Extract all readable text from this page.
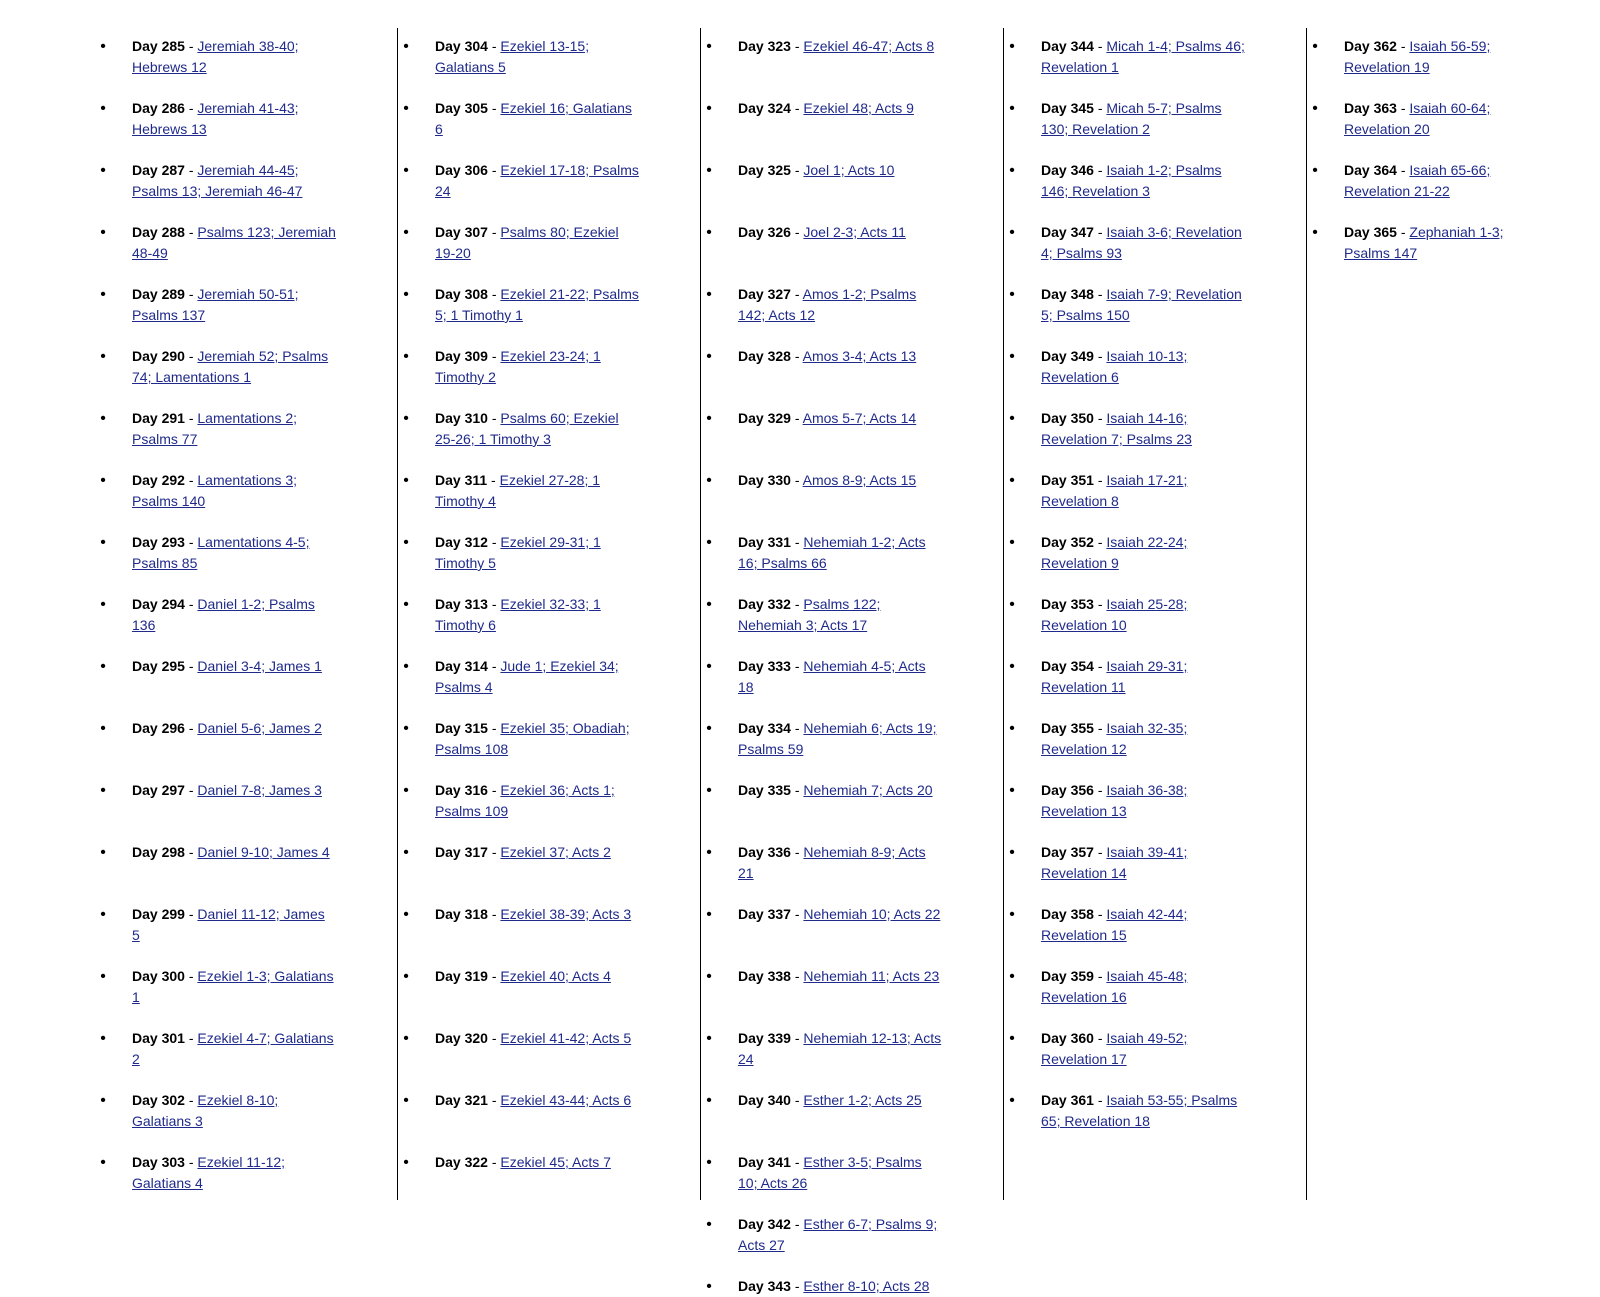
•	Day 285 - Jeremiah 38-40; Hebrews 12
•	Day 286 - Jeremiah 41-43; Hebrews 13
•	Day 287 - Jeremiah 44-45; Psalms 13; Jeremiah 46-47
•	Day 288 - Psalms 123; Jeremiah 48-49
•	Day 289 - Jeremiah 50-51; Psalms 137
•	Day 290 - Jeremiah 52; Psalms 74; Lamentations 1
•	Day 291 - Lamentations 2; Psalms 77
•	Day 292 - Lamentations 3; Psalms 140
•	Day 293 - Lamentations 4-5; Psalms 85
•	Day 294 - Daniel 1-2; Psalms 136
•	Day 295 - Daniel 3-4; James 1
•	Day 296 - Daniel 5-6; James 2
•	Day 297 - Daniel 7-8; James 3
•	Day 298 - Daniel 9-10; James 4
•	Day 299 - Daniel 11-12; James 5
•	Day 300 - Ezekiel 1-3; Galatians 1
•	Day 301 - Ezekiel 4-7; Galatians 2
•	Day 302 - Ezekiel 8-10; Galatians 3
•	Day 303 - Ezekiel 11-12; Galatians 4
•	Day 304 - Ezekiel 13-15; Galatians 5
•	Day 305 - Ezekiel 16; Galatians 6
•	Day 306 - Ezekiel 17-18; Psalms 24
•	Day 307 - Psalms 80; Ezekiel 19-20
•	Day 308 - Ezekiel 21-22; Psalms 5; 1 Timothy 1
•	Day 309 - Ezekiel 23-24; 1 Timothy 2
•	Day 310 - Psalms 60; Ezekiel 25-26; 1 Timothy 3
•	Day 311 - Ezekiel 27-28; 1 Timothy 4
•	Day 312 - Ezekiel 29-31; 1 Timothy 5
•	Day 313 - Ezekiel 32-33; 1 Timothy 6
•	Day 314 - Jude 1; Ezekiel 34; Psalms 4
•	Day 315 - Ezekiel 35; Obadiah; Psalms 108
•	Day 316 - Ezekiel 36; Acts 1; Psalms 109
•	Day 317 - Ezekiel 37; Acts 2
•	Day 318 - Ezekiel 38-39; Acts 3
•	Day 319 - Ezekiel 40; Acts 4
•	Day 320 - Ezekiel 41-42; Acts 5
•	Day 321 - Ezekiel 43-44; Acts 6
•	Day 322 - Ezekiel 45; Acts 7
•	Day 323 - Ezekiel 46-47; Acts 8
•	Day 324 - Ezekiel 48; Acts 9
•	Day 325 - Joel 1; Acts 10
•	Day 326 - Joel 2-3; Acts 11
•	Day 327 - Amos 1-2; Psalms 142; Acts 12
•	Day 328 - Amos 3-4; Acts 13
•	Day 329 - Amos 5-7; Acts 14
•	Day 330 - Amos 8-9; Acts 15
•	Day 331 - Nehemiah 1-2; Acts 16; Psalms 66
•	Day 332 - Psalms 122; Nehemiah 3; Acts 17
•	Day 333 - Nehemiah 4-5; Acts 18
•	Day 334 - Nehemiah 6; Acts 19; Psalms 59
•	Day 335 - Nehemiah 7; Acts 20
•	Day 336 - Nehemiah 8-9; Acts 21
•	Day 337 - Nehemiah 10; Acts 22
•	Day 338 - Nehemiah 11; Acts 23
•	Day 339 - Nehemiah 12-13; Acts 24
•	Day 340 - Esther 1-2; Acts 25
•	Day 341 - Esther 3-5; Psalms 10; Acts 26
•	Day 342 - Esther 6-7; Psalms 9; Acts 27
•	Day 343 - Esther 8-10; Acts 28
•	Day 344 - Micah 1-4; Psalms 46; Revelation 1
•	Day 345 - Micah 5-7; Psalms 130; Revelation 2
•	Day 346 - Isaiah 1-2; Psalms 146; Revelation 3
•	Day 347 - Isaiah 3-6; Revelation 4; Psalms 93
•	Day 348 - Isaiah 7-9; Revelation 5; Psalms 150
•	Day 349 - Isaiah 10-13; Revelation 6
•	Day 350 - Isaiah 14-16; Revelation 7; Psalms 23
•	Day 351 - Isaiah 17-21; Revelation 8
•	Day 352 - Isaiah 22-24; Revelation 9
•	Day 353 - Isaiah 25-28; Revelation 10
•	Day 354 - Isaiah 29-31; Revelation 11
•	Day 355 - Isaiah 32-35; Revelation 12
•	Day 356 - Isaiah 36-38; Revelation 13
•	Day 357 - Isaiah 39-41; Revelation 14
•	Day 358 - Isaiah 42-44; Revelation 15
•	Day 359 - Isaiah 45-48; Revelation 16
•	Day 360 - Isaiah 49-52; Revelation 17
•	Day 361 - Isaiah 53-55; Psalms 65; Revelation 18
•	Day 362 - Isaiah 56-59; Revelation 19
•	Day 363 - Isaiah 60-64; Revelation 20
•	Day 364 - Isaiah 65-66; Revelation 21-22
•	Day 365 - Zephaniah 1-3; Psalms 147
